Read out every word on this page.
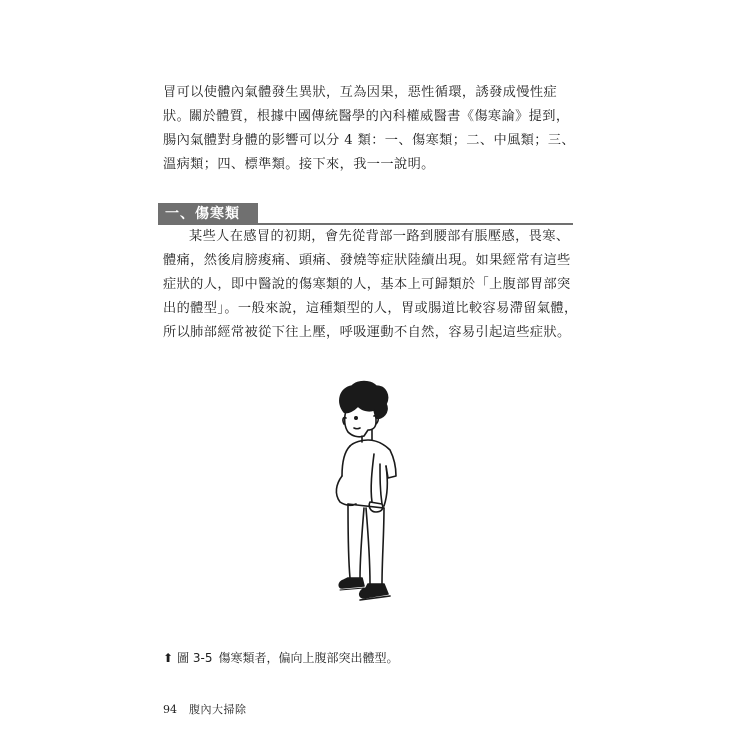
冒可以使體內氣體發生異狀，互為因果，惡性循環，誘發成慢性症狀。

關於體質，根據中國傳統醫學的內科權威醫書《傷寒論》提到，腸內氣體對身體的影響可以分 4 類：一、傷寒類；二、中風類；三、溫病類；四、標準類。接下來，我一一說明。

一、傷寒類

某些人在感冒的初期，會先從背部一路到腰部有脹壓感，畏寒、體痛，然後肩膀痠痛、頭痛、發燒等症狀陸續出現。如果經常有這些症狀的人，即中醫說的傷寒類的人，基本上可歸類於「上腹部胃部突出的體型」。一般來說，這種類型的人，胃或腸道比較容易滯留氣體，所以肺部經常被從下往上壓，呼吸運動不自然，容易引起這些症狀。

⬆ 圖 3-5 傷寒類者，偏向上腹部突出體型。
94 腹內大掃除
